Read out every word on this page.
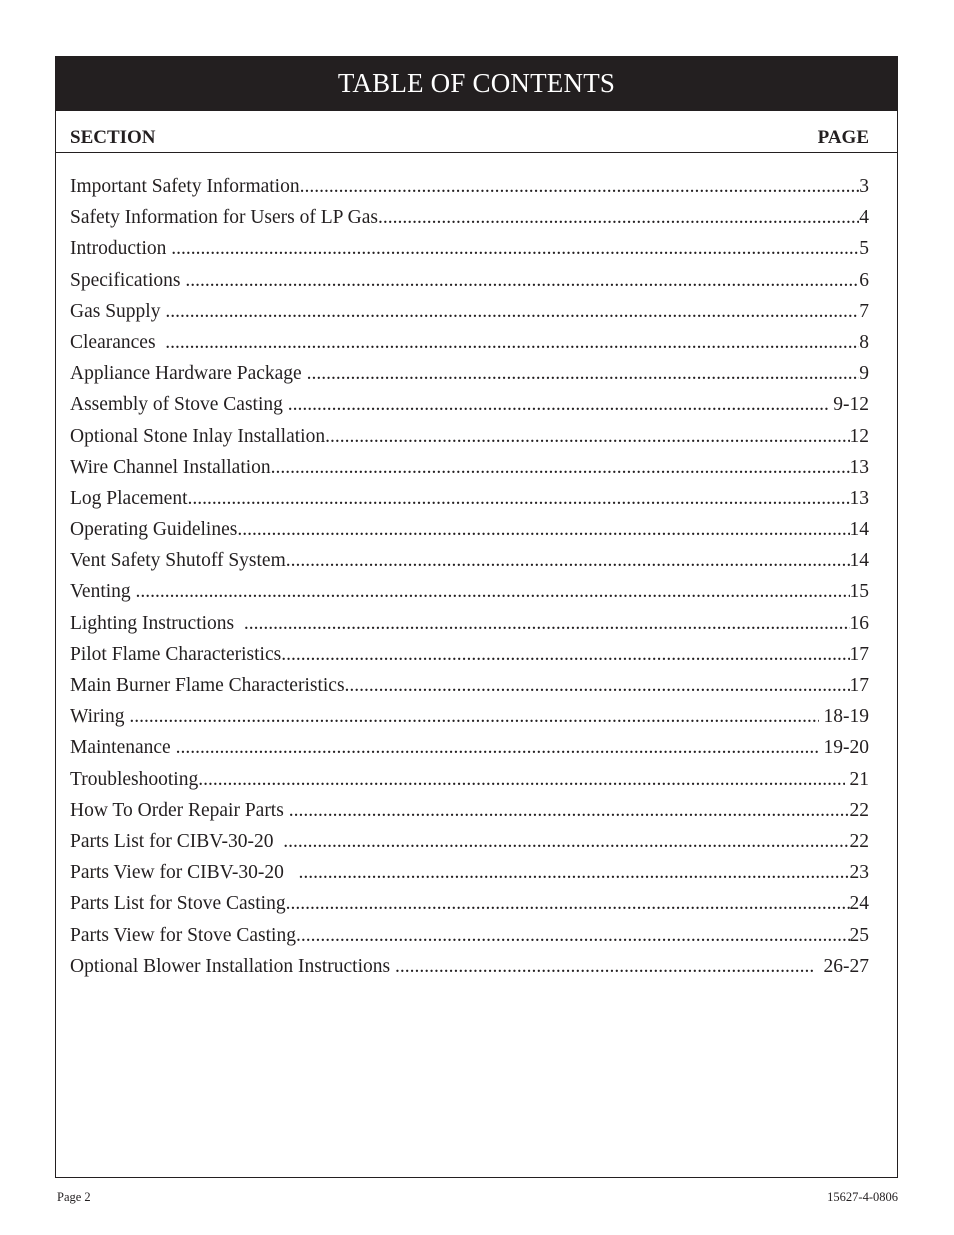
TABLE OF CONTENTS
SECTION	PAGE
Important Safety Information .....	3
Safety Information for Users of LP Gas .....	4
Introduction .....	5
Specifications .....	6
Gas Supply .....	7
Clearances .....	8
Appliance Hardware Package .....	9
Assembly of Stove Casting .....	9-12
Optional Stone Inlay Installation .....	12
Wire Channel Installation .....	13
Log Placement .....	13
Operating Guidelines .....	14
Vent Safety Shutoff System .....	14
Venting .....	15
Lighting Instructions .....	16
Pilot Flame Characteristics .....	17
Main Burner Flame Characteristics .....	17
Wiring .....	18-19
Maintenance .....	19-20
Troubleshooting .....	21
How To Order Repair Parts .....	22
Parts List for CIBV-30-20 .....	22
Parts View for CIBV-30-20 .....	23
Parts List for Stove Casting .....	24
Parts View for Stove Casting .....	25
Optional Blower Installation Instructions .....	26-27
Page 2	15627-4-0806
